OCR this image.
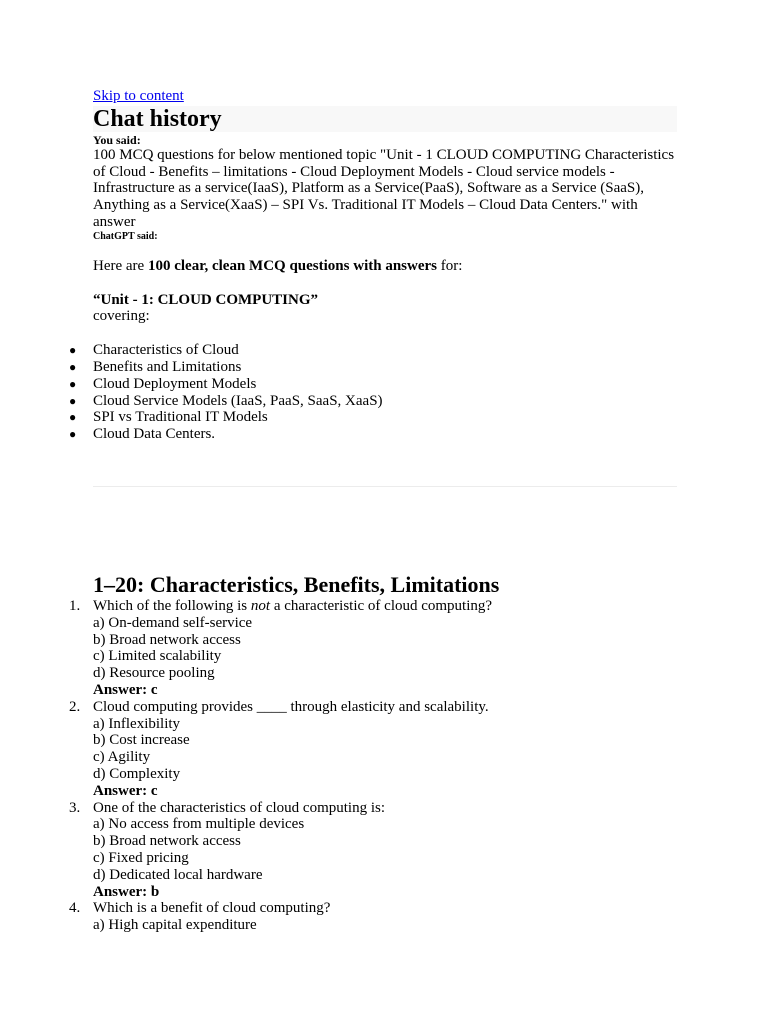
Skip to content
Chat history
You said:

100 MCQ questions for below mentioned topic "Unit - 1 CLOUD COMPUTING Characteristics of Cloud - Benefits – limitations - Cloud Deployment Models - Cloud service models - Infrastructure as a service(IaaS), Platform as a Service(PaaS), Software as a Service (SaaS), Anything as a Service(XaaS) – SPI Vs. Traditional IT Models – Cloud Data Centers." with answer

ChatGPT said:

Here are 100 clear, clean MCQ questions with answers for:

“Unit - 1: CLOUD COMPUTING”
covering:

● Characteristics of Cloud
● Benefits and Limitations
● Cloud Deployment Models
● Cloud Service Models (IaaS, PaaS, SaaS, XaaS)
● SPI vs Traditional IT Models
● Cloud Data Centers.
1–20: Characteristics, Benefits, Limitations
1. Which of the following is not a characteristic of cloud computing?
a) On-demand self-service
b) Broad network access
c) Limited scalability
d) Resource pooling
Answer: c
2. Cloud computing provides ____ through elasticity and scalability.
a) Inflexibility
b) Cost increase
c) Agility
d) Complexity
Answer: c
3. One of the characteristics of cloud computing is:
a) No access from multiple devices
b) Broad network access
c) Fixed pricing
d) Dedicated local hardware
Answer: b
4. Which is a benefit of cloud computing?
a) High capital expenditure
